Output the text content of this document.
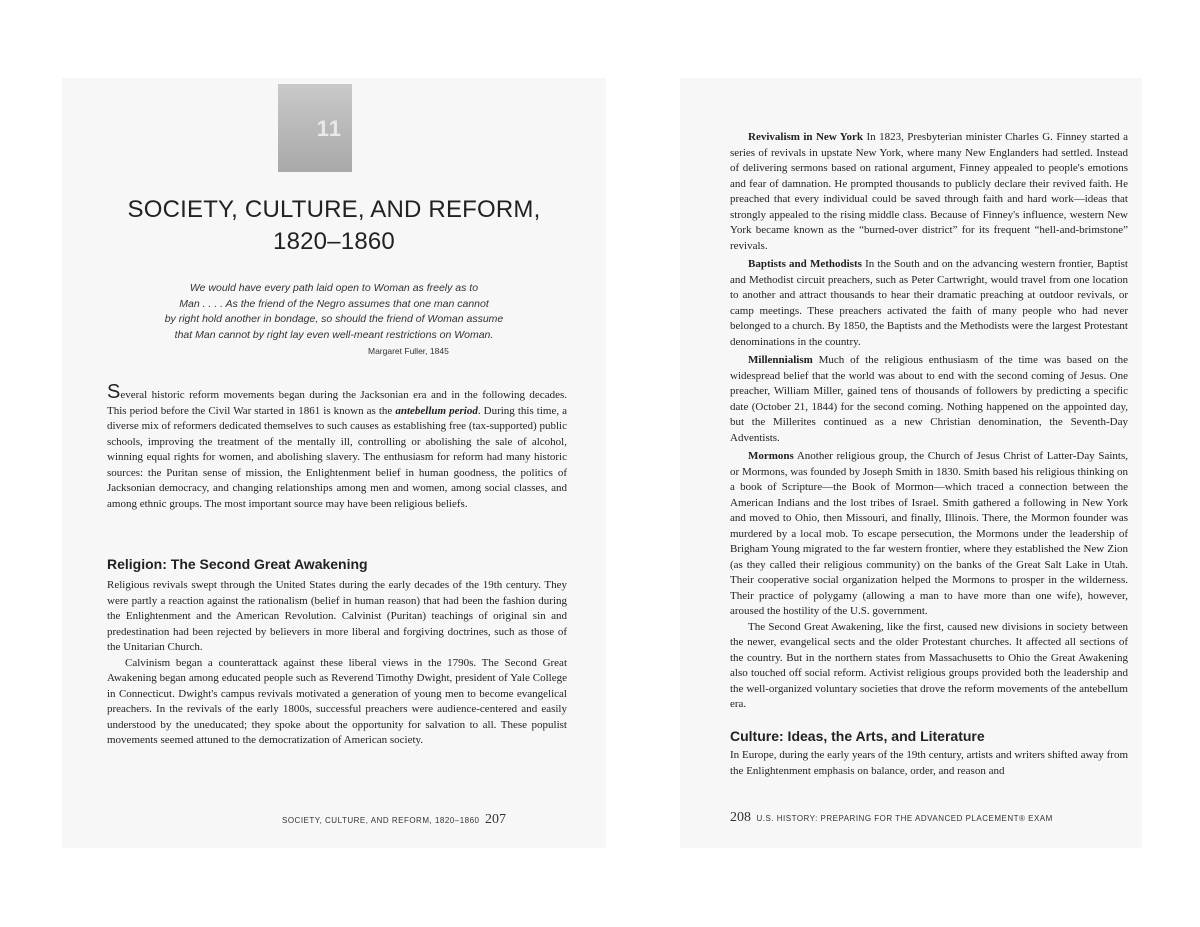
11
SOCIETY, CULTURE, AND REFORM,
1820–1860
We would have every path laid open to Woman as freely as to
Man . . . . As the friend of the Negro assumes that one man cannot
by right hold another in bondage, so should the friend of Woman assume
that Man cannot by right lay even well-meant restrictions on Woman.
Margaret Fuller, 1845

Several historic reform movements began during the Jacksonian era and in the following decades. This period before the Civil War started in 1861 is known as the antebellum period. During this time, a diverse mix of reformers dedicated themselves to such causes as establishing free (tax-supported) public schools, improving the treatment of the mentally ill, controlling or abolishing the sale of alcohol, winning equal rights for women, and abolishing slavery. The enthusiasm for reform had many historic sources: the Puritan sense of mission, the Enlightenment belief in human goodness, the politics of Jacksonian democracy, and changing relationships among men and women, among social classes, and among ethnic groups. The most important source may have been religious beliefs.

Religion: The Second Great Awakening

Religious revivals swept through the United States during the early decades of the 19th century. They were partly a reaction against the rationalism (belief in human reason) that had been the fashion during the Enlightenment and the American Revolution. Calvinist (Puritan) teachings of original sin and predestination had been rejected by believers in more liberal and forgiving doctrines, such as those of the Unitarian Church.

Calvinism began a counterattack against these liberal views in the 1790s. The Second Great Awakening began among educated people such as Reverend Timothy Dwight, president of Yale College in Connecticut. Dwight's campus revivals motivated a generation of young men to become evangelical preachers. In the revivals of the early 1800s, successful preachers were audience-centered and easily understood by the uneducated; they spoke about the opportunity for salvation to all. These populist movements seemed attuned to the democratization of American society.

SOCIETY, CULTURE, AND REFORM, 1820–1860 207

Revivalism in New York In 1823, Presbyterian minister Charles G. Finney started a series of revivals in upstate New York, where many New Englanders had settled. Instead of delivering sermons based on rational argument, Finney appealed to people's emotions and fear of damnation. He prompted thousands to publicly declare their revived faith. He preached that every individual could be saved through faith and hard work—ideas that strongly appealed to the rising middle class. Because of Finney's influence, western New York became known as the “burned-over district” for its frequent “hell-and-brimstone” revivals.

Baptists and Methodists In the South and on the advancing western frontier, Baptist and Methodist circuit preachers, such as Peter Cartwright, would travel from one location to another and attract thousands to hear their dramatic preaching at outdoor revivals, or camp meetings. These preachers activated the faith of many people who had never belonged to a church. By 1850, the Baptists and the Methodists were the largest Protestant denominations in the country.

Millennialism Much of the religious enthusiasm of the time was based on the widespread belief that the world was about to end with the second coming of Jesus. One preacher, William Miller, gained tens of thousands of followers by predicting a specific date (October 21, 1844) for the second coming. Nothing happened on the appointed day, but the Millerites continued as a new Christian denomination, the Seventh-Day Adventists.

Mormons Another religious group, the Church of Jesus Christ of Latter-Day Saints, or Mormons, was founded by Joseph Smith in 1830. Smith based his religious thinking on a book of Scripture—the Book of Mormon—which traced a connection between the American Indians and the lost tribes of Israel. Smith gathered a following in New York and moved to Ohio, then Missouri, and finally, Illinois. There, the Mormon founder was murdered by a local mob. To escape persecution, the Mormons under the leadership of Brigham Young migrated to the far western frontier, where they established the New Zion (as they called their religious community) on the banks of the Great Salt Lake in Utah. Their cooperative social organization helped the Mormons to prosper in the wilderness. Their practice of polygamy (allowing a man to have more than one wife), however, aroused the hostility of the U.S. government.

The Second Great Awakening, like the first, caused new divisions in society between the newer, evangelical sects and the older Protestant churches. It affected all sections of the country. But in the northern states from Massachusetts to Ohio the Great Awakening also touched off social reform. Activist religious groups provided both the leadership and the well-organized voluntary societies that drove the reform movements of the antebellum era.

Culture: Ideas, the Arts, and Literature

In Europe, during the early years of the 19th century, artists and writers shifted away from the Enlightenment emphasis on balance, order, and reason and

208 U.S. HISTORY: PREPARING FOR THE ADVANCED PLACEMENT® EXAM
